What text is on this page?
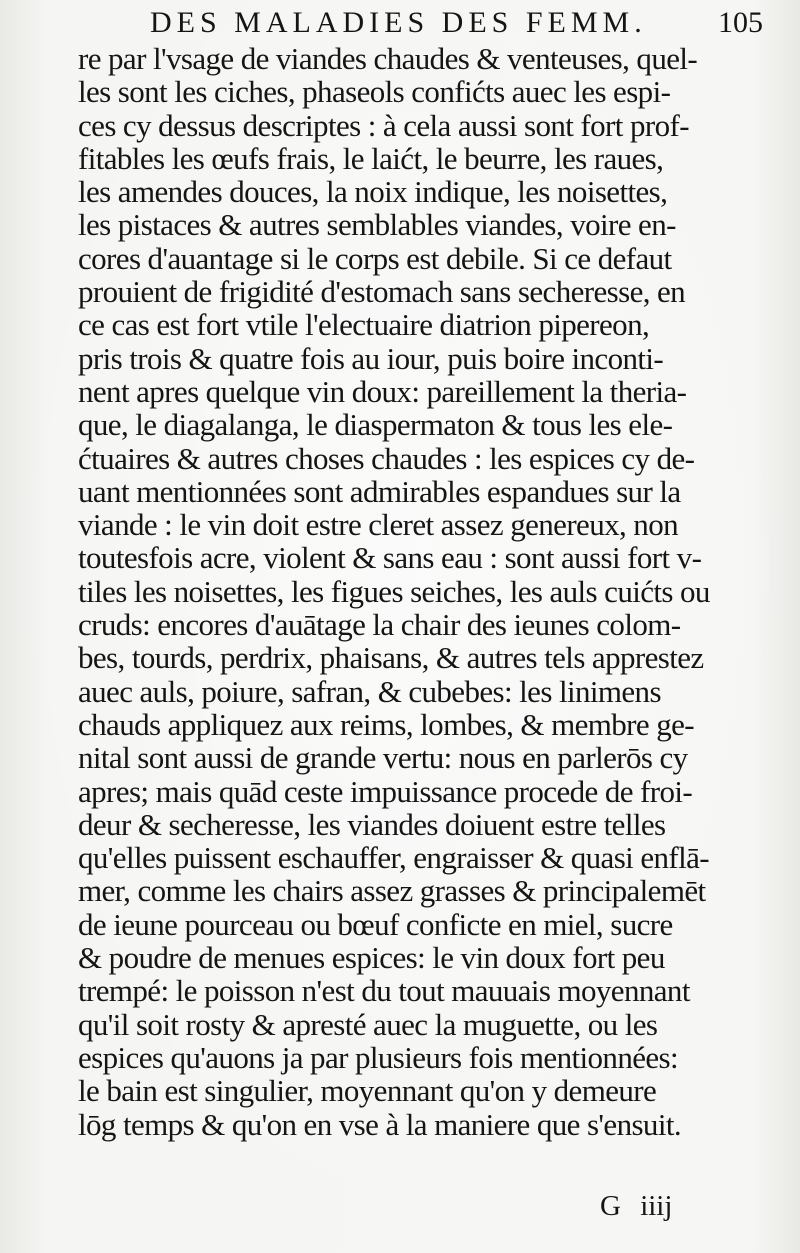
DES MALADIES DES FEMM.	105
re par l'vsage de viandes chaudes & venteuses, quel-
les sont les ciches, phaseols confićts auec les espi-
ces cy dessus descriptes : à cela aussi sont fort prof-
fitables les œufs frais, le laićt, le beurre, les raues,
les amendes douces, la noix indique, les noisettes,
les pistaces & autres semblables viandes, voire en-
cores d'auantage si le corps est debile. Si ce defaut
prouient de frigidité d'estomach sans secheresse, en
ce cas est fort vtile l'electuaire diatrion pipereon,
pris trois & quatre fois au iour, puis boire inconti-
nent apres quelque vin doux: pareillement la theria-
que, le diagalanga, le diaspermaton & tous les ele-
ćtuaires & autres choses chaudes : les espices cy de-
uant mentionnées sont admirables espandues sur la
viande : le vin doit estre cleret assez genereux, non
toutesfois acre, violent & sans eau : sont aussi fort v-
tiles les noisettes, les figues seiches, les auls cuićts ou
cruds: encores d'auātage la chair des ieunes colom-
bes, tourds, perdrix, phaisans, & autres tels apprestez
auec auls, poiure, safran, & cubebes: les linimens
chauds appliquez aux reims, lombes, & membre ge-
nital sont aussi de grande vertu: nous en parlerōs cy
apres; mais quād ceste impuissance procede de froi-
deur & secheresse, les viandes doiuent estre telles
qu'elles puissent eschauffer, engraisser & quasi enflā-
mer, comme les chairs assez grasses & principalemēt
de ieune pourceau ou bœuf conficte en miel, sucre
& poudre de menues espices: le vin doux fort peu
trempé: le poisson n'est du tout mauuais moyennant
qu'il soit rosty & apresté auec la muguette, ou les
espices qu'auons ja par plusieurs fois mentionnées:
le bain est singulier, moyennant qu'on y demeure
lōg temps & qu'on en vse à la maniere que s'ensuit.
G iiij
